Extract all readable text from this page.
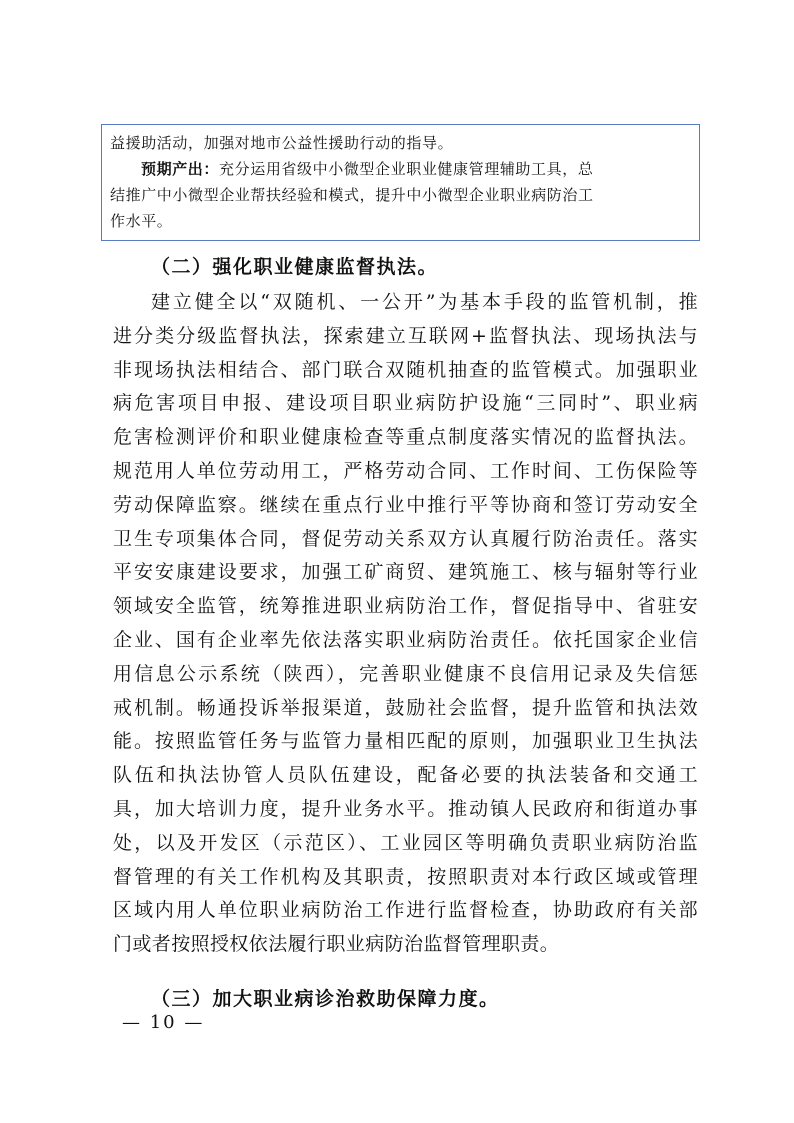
益援助活动，加强对地市公益性援助行动的指导。

预期产出：充分运用省级中小微型企业职业健康管理辅助工具，总

结推广中小微型企业帮扶经验和模式，提升中小微型企业职业病防治工

作水平。

（二）强化职业健康监督执法。
建立健全以“双随机、一公开”为基本手段的监管机制，推
进分类分级监督执法，探索建立互联网+监督执法、现场执法与
非现场执法相结合、部门联合双随机抽查的监管模式。加强职业
病危害项目申报、建设项目职业病防护设施“三同时”、职业病
危害检测评价和职业健康检查等重点制度落实情况的监督执法。
规范用人单位劳动用工，严格劳动合同、工作时间、工伤保险等
劳动保障监察。继续在重点行业中推行平等协商和签订劳动安全
卫生专项集体合同，督促劳动关系双方认真履行防治责任。落实
平安安康建设要求，加强工矿商贸、建筑施工、核与辐射等行业
领域安全监管，统筹推进职业病防治工作，督促指导中、省驻安
企业、国有企业率先依法落实职业病防治责任。依托国家企业信
用信息公示系统（陕西），完善职业健康不良信用记录及失信惩
戒机制。畅通投诉举报渠道，鼓励社会监督，提升监管和执法效
能。按照监管任务与监管力量相匹配的原则，加强职业卫生执法
队伍和执法协管人员队伍建设，配备必要的执法装备和交通工
具，加大培训力度，提升业务水平。推动镇人民政府和街道办事
处，以及开发区（示范区）、工业园区等明确负责职业病防治监
督管理的有关工作机构及其职责，按照职责对本行政区域或管理
区域内用人单位职业病防治工作进行监督检查，协助政府有关部
门或者按照授权依法履行职业病防治监督管理职责。
（三）加大职业病诊治救助保障力度。
— 10 —
